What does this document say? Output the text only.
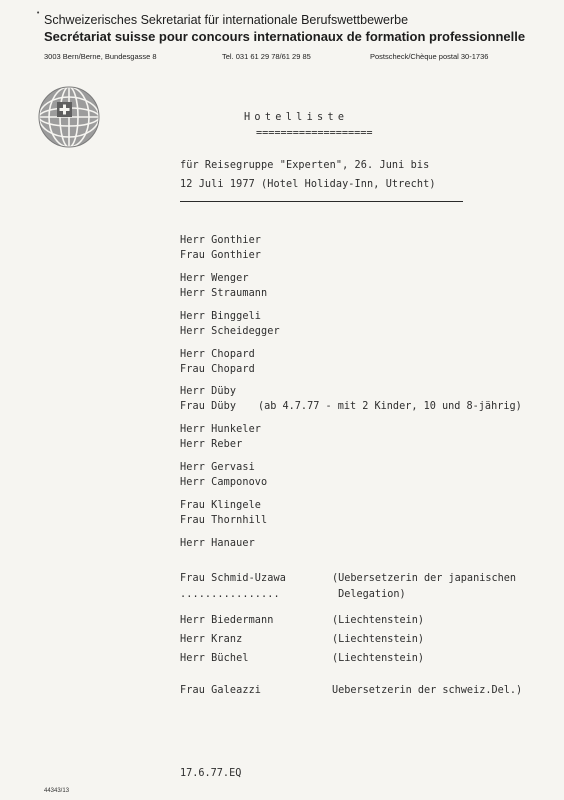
• Schweizerisches Sekretariat für internationale Berufswettbewerbe
Secrétariat suisse pour concours internationaux de formation professionnelle
3003 Bern/Berne, Bundesgasse 8	Tel. 031 61 29 78/61 29 85	Postscheck/Chèque postal 30-1736
Hotelliste
===================
für Reisegruppe "Experten", 26. Juni bis
12 Juli 1977 (Hotel Holiday-Inn, Utrecht)
Herr Gonthier
Frau Gonthier
Herr Wenger
Herr Straumann
Herr Binggeli
Herr Scheidegger
Herr Chopard
Frau Chopard
Herr Düby
Frau Düby (ab 4.7.77 - mit 2 Kinder, 10 und 8-jährig)
Herr Hunkeler
Herr Reber
Herr Gervasi
Herr Camponovo
Frau Klingele
Frau Thornhill
Herr Hanauer
Frau Schmid-Uzawa	(Uebersetzerin der japanischen
................	Delegation)
Herr Biedermann	(Liechtenstein)
Herr Kranz	(Liechtenstein)
Herr Büchel	(Liechtenstein)
Frau Galeazzi	Uebersetzerin der schweiz.Del.)
17.6.77.EQ
44343/13
